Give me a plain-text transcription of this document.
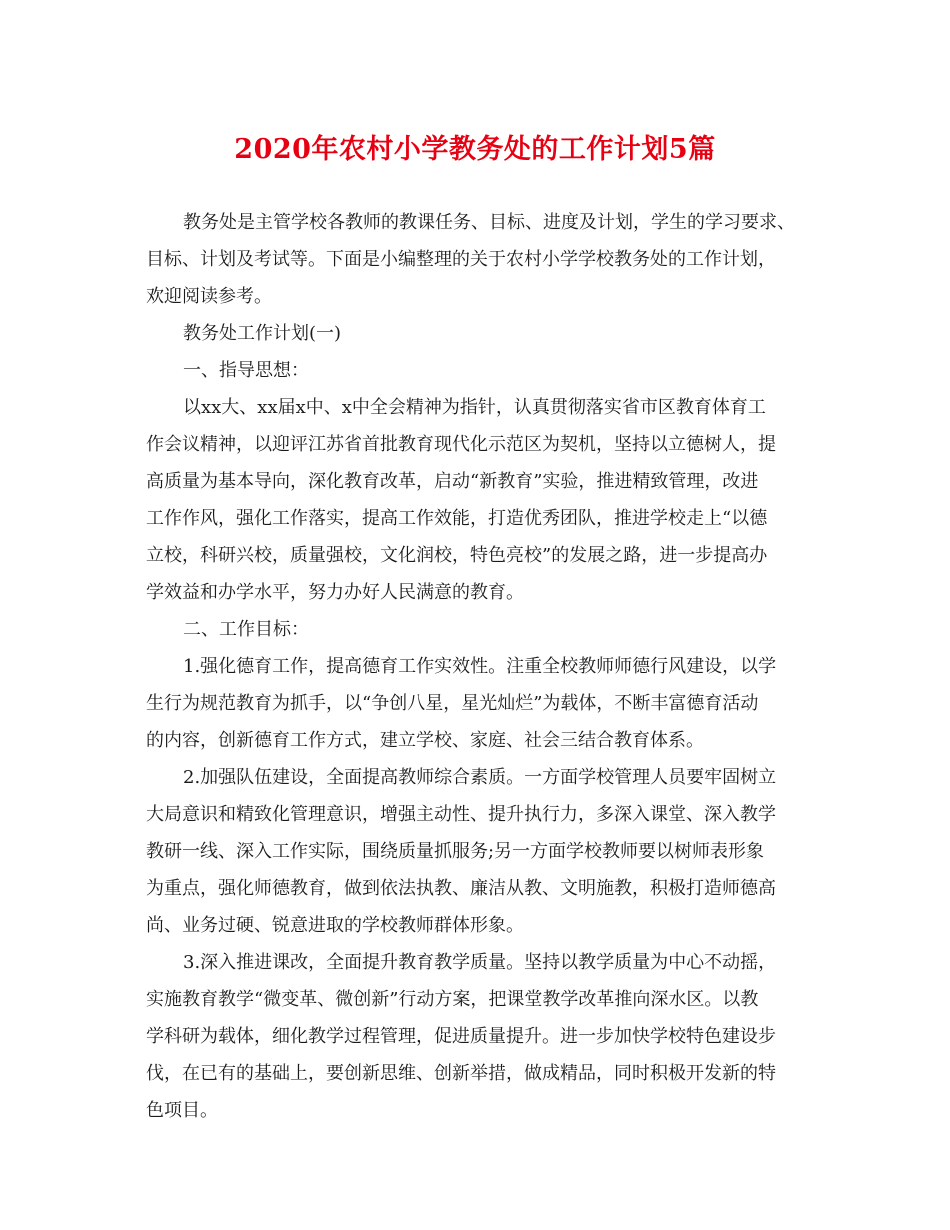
2020年农村小学教务处的工作计划5篇
教务处是主管学校各教师的教课任务、目标、进度及计划，学生的学习要求、
目标、计划及考试等。下面是小编整理的关于农村小学学校教务处的工作计划，
欢迎阅读参考。
教务处工作计划(一)
一、指导思想：
以xx大、xx届x中、x中全会精神为指针，认真贯彻落实省市区教育体育工
作会议精神，以迎评江苏省首批教育现代化示范区为契机，坚持以立德树人，提
高质量为基本导向，深化教育改革，启动“新教育”实验，推进精致管理，改进
工作作风，强化工作落实，提高工作效能，打造优秀团队，推进学校走上“以德
立校，科研兴校，质量强校，文化润校，特色亮校”的发展之路，进一步提高办
学效益和办学水平，努力办好人民满意的教育。
二、工作目标：
1.强化德育工作，提高德育工作实效性。注重全校教师师德行风建设，以学
生行为规范教育为抓手，以“争创八星，星光灿烂”为载体，不断丰富德育活动
的内容，创新德育工作方式，建立学校、家庭、社会三结合教育体系。
2.加强队伍建设，全面提高教师综合素质。一方面学校管理人员要牢固树立
大局意识和精致化管理意识，增强主动性、提升执行力，多深入课堂、深入教学
教研一线、深入工作实际，围绕质量抓服务;另一方面学校教师要以树师表形象
为重点，强化师德教育，做到依法执教、廉洁从教、文明施教，积极打造师德高
尚、业务过硬、锐意进取的学校教师群体形象。
3.深入推进课改，全面提升教育教学质量。坚持以教学质量为中心不动摇，
实施教育教学“微变革、微创新”行动方案，把课堂教学改革推向深水区。以教
学科研为载体，细化教学过程管理，促进质量提升。进一步加快学校特色建设步
伐，在已有的基础上，要创新思维、创新举措，做成精品，同时积极开发新的特
色项目。
